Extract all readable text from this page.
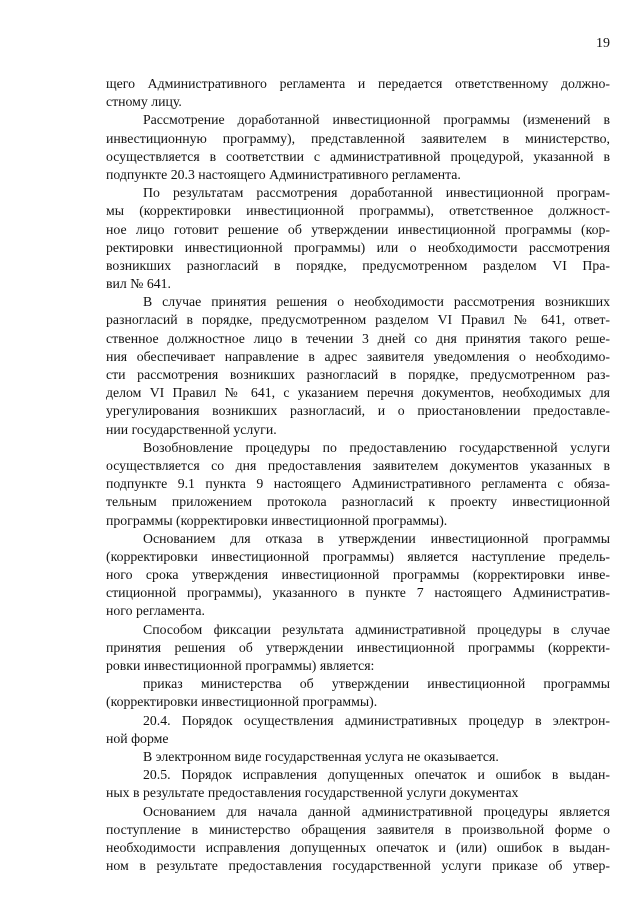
19
щего Административного регламента и передается ответственному должно-
стному лицу.
Рассмотрение доработанной инвестиционной программы (изменений в
инвестиционную программу), представленной заявителем в министерство,
осуществляется в соответствии с административной процедурой, указанной в
подпункте 20.3 настоящего Административного регламента.
По результатам рассмотрения доработанной инвестиционной програм-
мы (корректировки инвестиционной программы), ответственное должност-
ное лицо готовит решение об утверждении инвестиционной программы (кор-
ректировки инвестиционной программы) или о необходимости рассмотрения
возникших разногласий в порядке, предусмотренном разделом VI Пра-
вил № 641.
В случае принятия решения о необходимости рассмотрения возникших
разногласий в порядке, предусмотренном разделом VI Правил № 641, ответ-
ственное должностное лицо в течении 3 дней со дня принятия такого реше-
ния обеспечивает направление в адрес заявителя уведомления о необходимо-
сти рассмотрения возникших разногласий в порядке, предусмотренном раз-
делом VI Правил № 641, с указанием перечня документов, необходимых для
урегулирования возникших разногласий, и о приостановлении предоставле-
нии государственной услуги.
Возобновление процедуры по предоставлению государственной услуги
осуществляется со дня предоставления заявителем документов указанных в
подпункте 9.1 пункта 9 настоящего Административного регламента с обяза-
тельным приложением протокола разногласий к проекту инвестиционной
программы (корректировки инвестиционной программы).
Основанием для отказа в утверждении инвестиционной программы
(корректировки инвестиционной программы) является наступление предель-
ного срока утверждения инвестиционной программы (корректировки инве-
стиционной программы), указанного в пункте 7 настоящего Административ-
ного регламента.
Способом фиксации результата административной процедуры в случае
принятия решения об утверждении инвестиционной программы (корректи-
ровки инвестиционной программы) является:
приказ министерства об утверждении инвестиционной программы
(корректировки инвестиционной программы).
20.4. Порядок осуществления административных процедур в электрон-
ной форме
В электронном виде государственная услуга не оказывается.
20.5. Порядок исправления допущенных опечаток и ошибок в выдан-
ных в результате предоставления государственной услуги документах
Основанием для начала данной административной процедуры является
поступление в министерство обращения заявителя в произвольной форме о
необходимости исправления допущенных опечаток и (или) ошибок в выдан-
ном в результате предоставления государственной услуги приказе об утвер-
